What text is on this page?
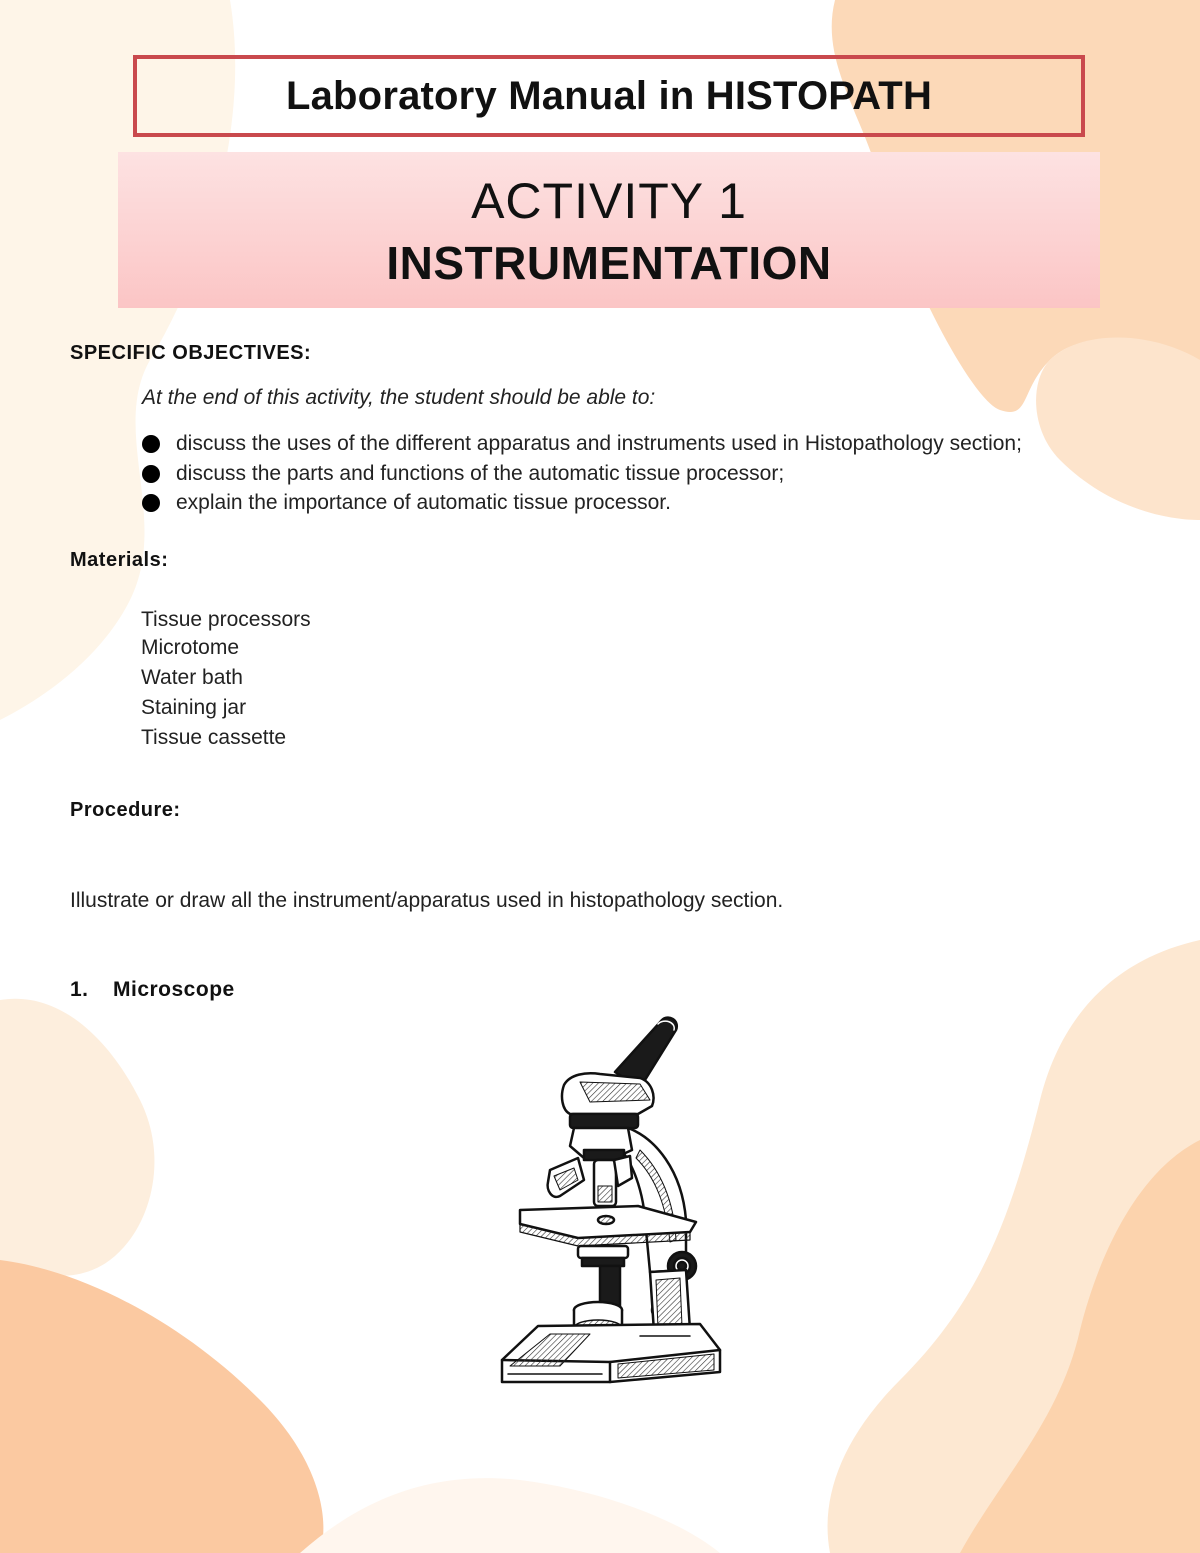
Laboratory Manual in HISTOPATH
ACTIVITY 1
INSTRUMENTATION
SPECIFIC OBJECTIVES:
At the end of this activity, the student should be able to:
discuss the uses of the different apparatus and instruments used in Histopathology section;
discuss the parts and functions of the automatic tissue processor;
explain the importance of automatic tissue processor.
Materials:
Tissue processors
Microtome
Water bath
Staining jar
Tissue cassette
Procedure:
Illustrate or draw all the instrument/apparatus used in histopathology section.
1. Microscope
